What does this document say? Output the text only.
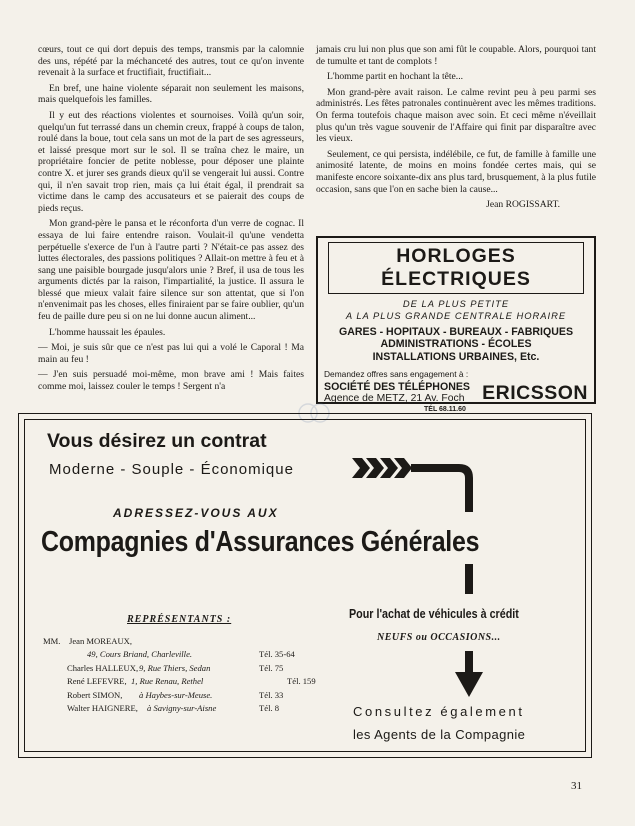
cœurs, tout ce qui dort depuis des temps, transmis par la calomnie des uns, répété par la méchanceté des autres, tout ce qu'on invente revenait à la surface et fructifiait, fructifiait...

En bref, une haine violente séparait non seulement les maisons, mais quelquefois les familles.

Il y eut des réactions violentes et sournoises. Voilà qu'un soir, quelqu'un fut terrassé dans un chemin creux, frappé à coups de talon, roulé dans la boue, tout cela sans un mot de la part de ses agresseurs, et laissé presque mort sur le sol. Il se traîna chez le maire, un propriétaire foncier de petite noblesse, pour déposer une plainte contre X. et jurer ses grands dieux qu'il se vengerait lui aussi. Contre qui, il n'en savait trop rien, mais ça lui était égal, il prendrait sa victime dans le camp des accusateurs et se paierait des coups de pieds reçus.

Mon grand-père le pansa et le réconforta d'un verre de cognac. Il essaya de lui faire entendre raison. Voulait-il qu'une vendetta perpétuelle s'exerce de l'un à l'autre parti ? N'était-ce pas assez des luttes électorales, des passions politiques ? Allait-on mettre à feu et à sang une paisible bourgade jusqu'alors unie ? Bref, il usa de tous les arguments dictés par la raison, l'impartialité, la justice. Il assura le blessé que mieux valait faire silence sur son attentat, que si l'on n'envenimait pas les choses, elles finiraient par se faire oublier, qu'un feu de paille dure peu si on ne lui donne aucun aliment...

L'homme haussait les épaules.

— Moi, je suis sûr que ce n'est pas lui qui a volé le Caporal ! Ma main au feu !

— J'en suis persuadé moi-même, mon brave ami ! Mais faites comme moi, laissez couler le temps ! Sergent n'a

jamais cru lui non plus que son ami fût le coupable. Alors, pourquoi tant de tumulte et tant de complots !

L'homme partit en hochant la tête...

Mon grand-père avait raison. Le calme revint peu à peu parmi ses administrés. Les fêtes patronales continuèrent avec les mêmes traditions. On ferma toutefois chaque maison avec soin. Et ceci même n'éveillait plus qu'un très vague souvenir de l'Affaire qui finit par disparaître avec les vieux.

Seulement, ce qui persista, indélébile, ce fut, de famille à famille une animosité latente, de moins en moins fondée certes mais, qui se manifeste encore soixante-dix ans plus tard, brusquement, à la plus futile occasion, sans que l'on en sache bien la cause...

Jean ROGISSART.

HORLOGES ÉLECTRIQUES
DE LA PLUS PETITE
A LA PLUS GRANDE CENTRALE HORAIRE
GARES - HOPITAUX - BUREAUX - FABRIQUES
ADMINISTRATIONS - ÉCOLES
INSTALLATIONS URBAINES, Etc.
Demandez offres sans engagement à :
SOCIÉTÉ DES TÉLÉPHONES
Agence de METZ, 21 Av. Foch ERICSSON
TÉL 68.11.60
Vous désirez un contrat
Moderne - Souple - Économique
ADRESSEZ-VOUS AUX
Compagnies d'Assurances Générales
REPRÉSENTANTS :
MM. Jean MOREAUX,
49, Cours Briand, Charleville.	Tél. 35-64
Charles HALLEUX, 9, Rue Thiers, Sedan	Tél. 75
René LEFEVRE, 1, Rue Renau, Rethel	Tél. 159
Robert SIMON, à Haybes-sur-Meuse.	Tél. 33
Walter HAIGNERE, à Savigny-sur-Aisne	Tél. 8
Pour l'achat de véhicules à crédit
NEUFS ou OCCASIONS...
Consultez également
les Agents de la Compagnie
31
